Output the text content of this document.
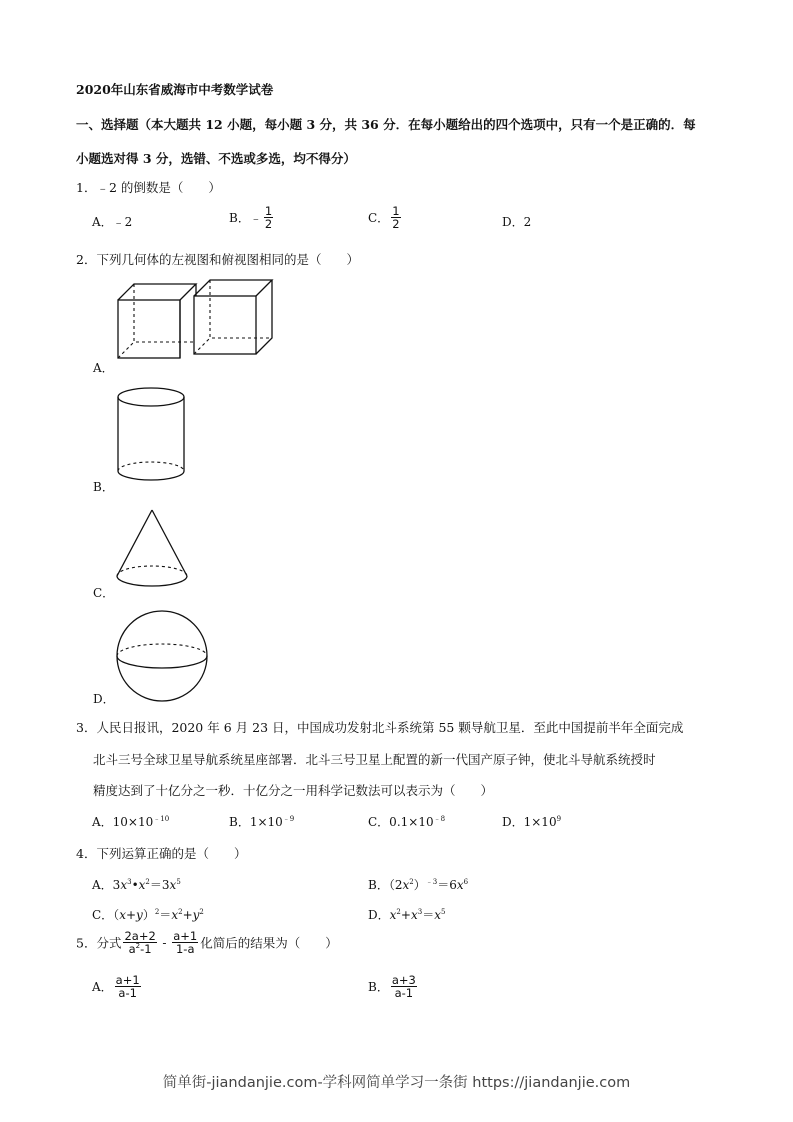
2020年山东省威海市中考数学试卷
一、选择题（本大题共 12 小题，每小题 3 分，共 36 分．在每小题给出的四个选项中，只有一个是正确的．每
小题选对得 3 分，选错、不选或多选，均不得分）
1．﹣2 的倒数是（　　）
A．﹣2	B．﹣ $\frac{1}{2}$	C． $\frac{1}{2}$	D．2
2．下列几何体的左视图和俯视图相同的是（　　）
A．
B．
C．
D．
3．人民日报讯，2020 年 6 月 23 日，中国成功发射北斗系统第 55 颗导航卫星．至此中国提前半年全面完成
北斗三号全球卫星导航系统星座部署．北斗三号卫星上配置的新一代国产原子钟，使北斗导航系统授时
精度达到了十亿分之一秒．十亿分之一用科学记数法可以表示为（　　）
A．$10\times 10^{﹣10}$	B．$1\times 10^{﹣9}$	C．$0.1\times 10^{﹣8}$	D．$1\times 10^9$
4．下列运算正确的是（　　）
A．$3x^3•x^2=3x^5$	B．$(2x^2)^{﹣3}=6x^6$
C．$(x+y)^2=x^2+y^2$	D．$x^2+x^3=x^5$
5．分式 $\frac{2a+2}{a^2-1} - \frac{a+1}{1-a}$ 化简后的结果为（　　）
A． $\frac{a+1}{a-1}$	B． $\frac{a+3}{a-1}$
简单街-jiandanjie.com-学科网简单学习一条街 https://jiandanjie.com
